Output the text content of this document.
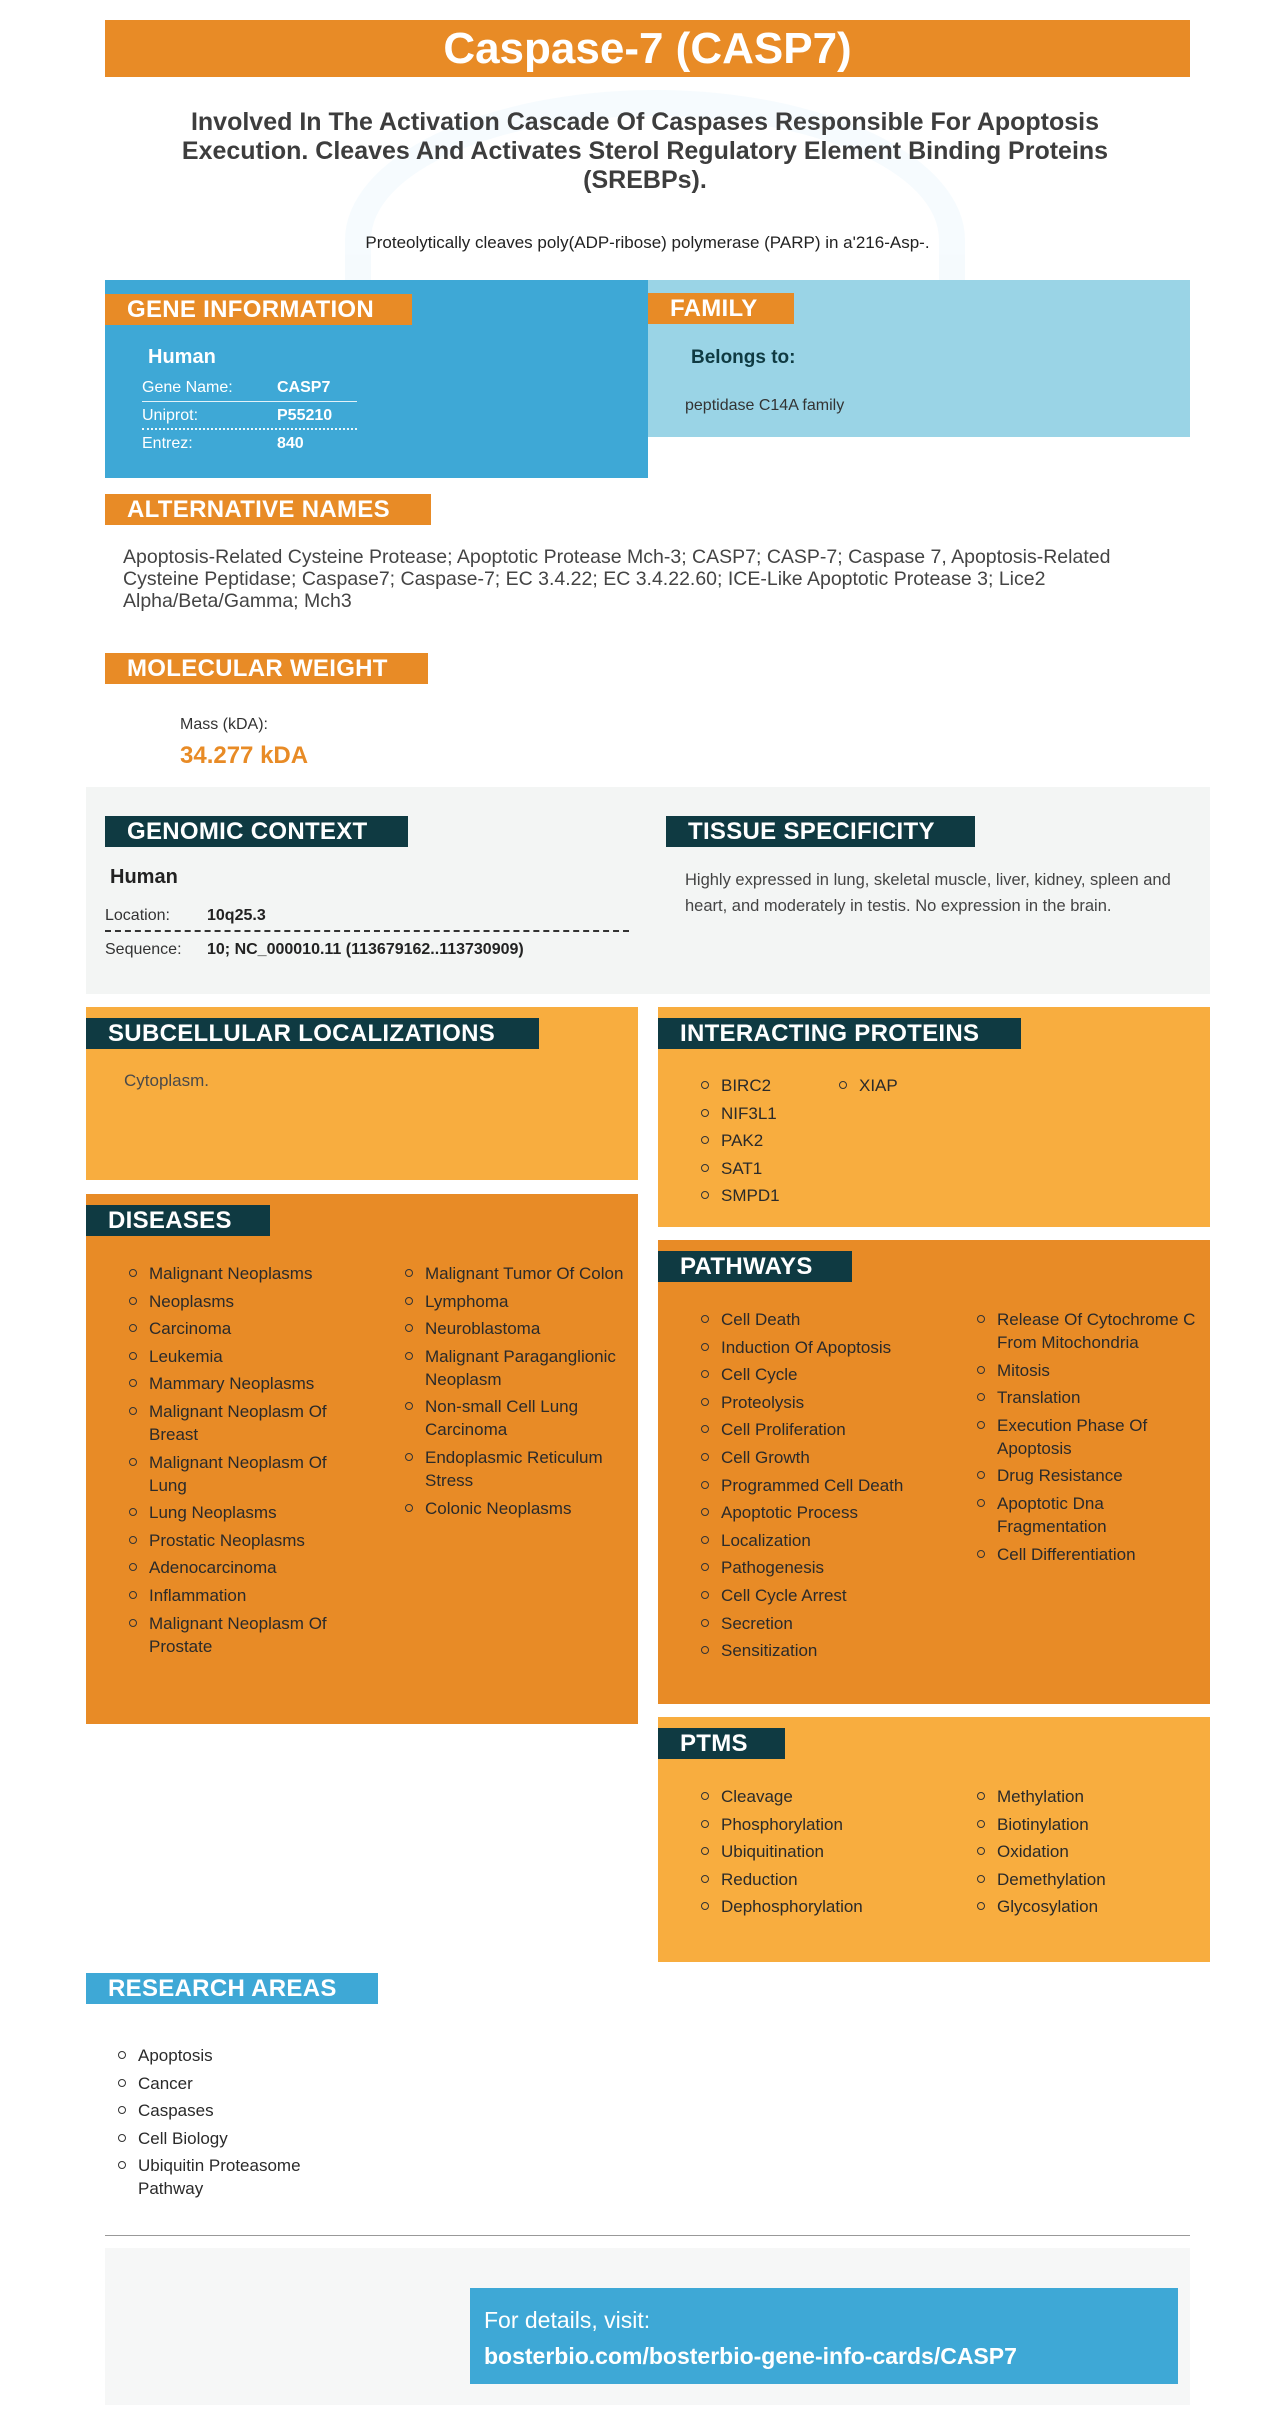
Caspase-7 (CASP7)
Involved In The Activation Cascade Of Caspases Responsible For Apoptosis Execution. Cleaves And Activates Sterol Regulatory Element Binding Proteins (SREBPs).
Proteolytically cleaves poly(ADP-ribose) polymerase (PARP) in a'216-Asp-.
GENE INFORMATION
Human
Gene Name:	CASP7
Uniprot:	P55210
Entrez:	840
FAMILY
Belongs to:
peptidase C14A family
ALTERNATIVE NAMES
Apoptosis-Related Cysteine Protease; Apoptotic Protease Mch-3; CASP7; CASP-7; Caspase 7, Apoptosis-Related Cysteine Peptidase; Caspase7; Caspase-7; EC 3.4.22; EC 3.4.22.60; ICE-Like Apoptotic Protease 3; Lice2 Alpha/Beta/Gamma; Mch3
MOLECULAR WEIGHT
Mass (kDA):
34.277 kDA
GENOMIC CONTEXT
Human
Location: 10q25.3
Sequence: 10; NC_000010.11 (113679162..113730909)
TISSUE SPECIFICITY
Highly expressed in lung, skeletal muscle, liver, kidney, spleen and heart, and moderately in testis. No expression in the brain.
SUBCELLULAR LOCALIZATIONS
Cytoplasm.
INTERACTING PROTEINS
BIRC2
NIF3L1
PAK2
SAT1
SMPD1
XIAP
DISEASES
Malignant Neoplasms
Neoplasms
Carcinoma
Leukemia
Mammary Neoplasms
Malignant Neoplasm Of Breast
Malignant Neoplasm Of Lung
Lung Neoplasms
Prostatic Neoplasms
Adenocarcinoma
Inflammation
Malignant Neoplasm Of Prostate
Malignant Tumor Of Colon
Lymphoma
Neuroblastoma
Malignant Paraganglionic Neoplasm
Non-small Cell Lung Carcinoma
Endoplasmic Reticulum Stress
Colonic Neoplasms
PATHWAYS
Cell Death
Induction Of Apoptosis
Cell Cycle
Proteolysis
Cell Proliferation
Cell Growth
Programmed Cell Death
Apoptotic Process
Localization
Pathogenesis
Cell Cycle Arrest
Secretion
Sensitization
Release Of Cytochrome C From Mitochondria
Mitosis
Translation
Execution Phase Of Apoptosis
Drug Resistance
Apoptotic Dna Fragmentation
Cell Differentiation
PTMS
Cleavage
Phosphorylation
Ubiquitination
Reduction
Dephosphorylation
Methylation
Biotinylation
Oxidation
Demethylation
Glycosylation
RESEARCH AREAS
Apoptosis
Cancer
Caspases
Cell Biology
Ubiquitin Proteasome Pathway
For details, visit:
bosterbio.com/bosterbio-gene-info-cards/CASP7
